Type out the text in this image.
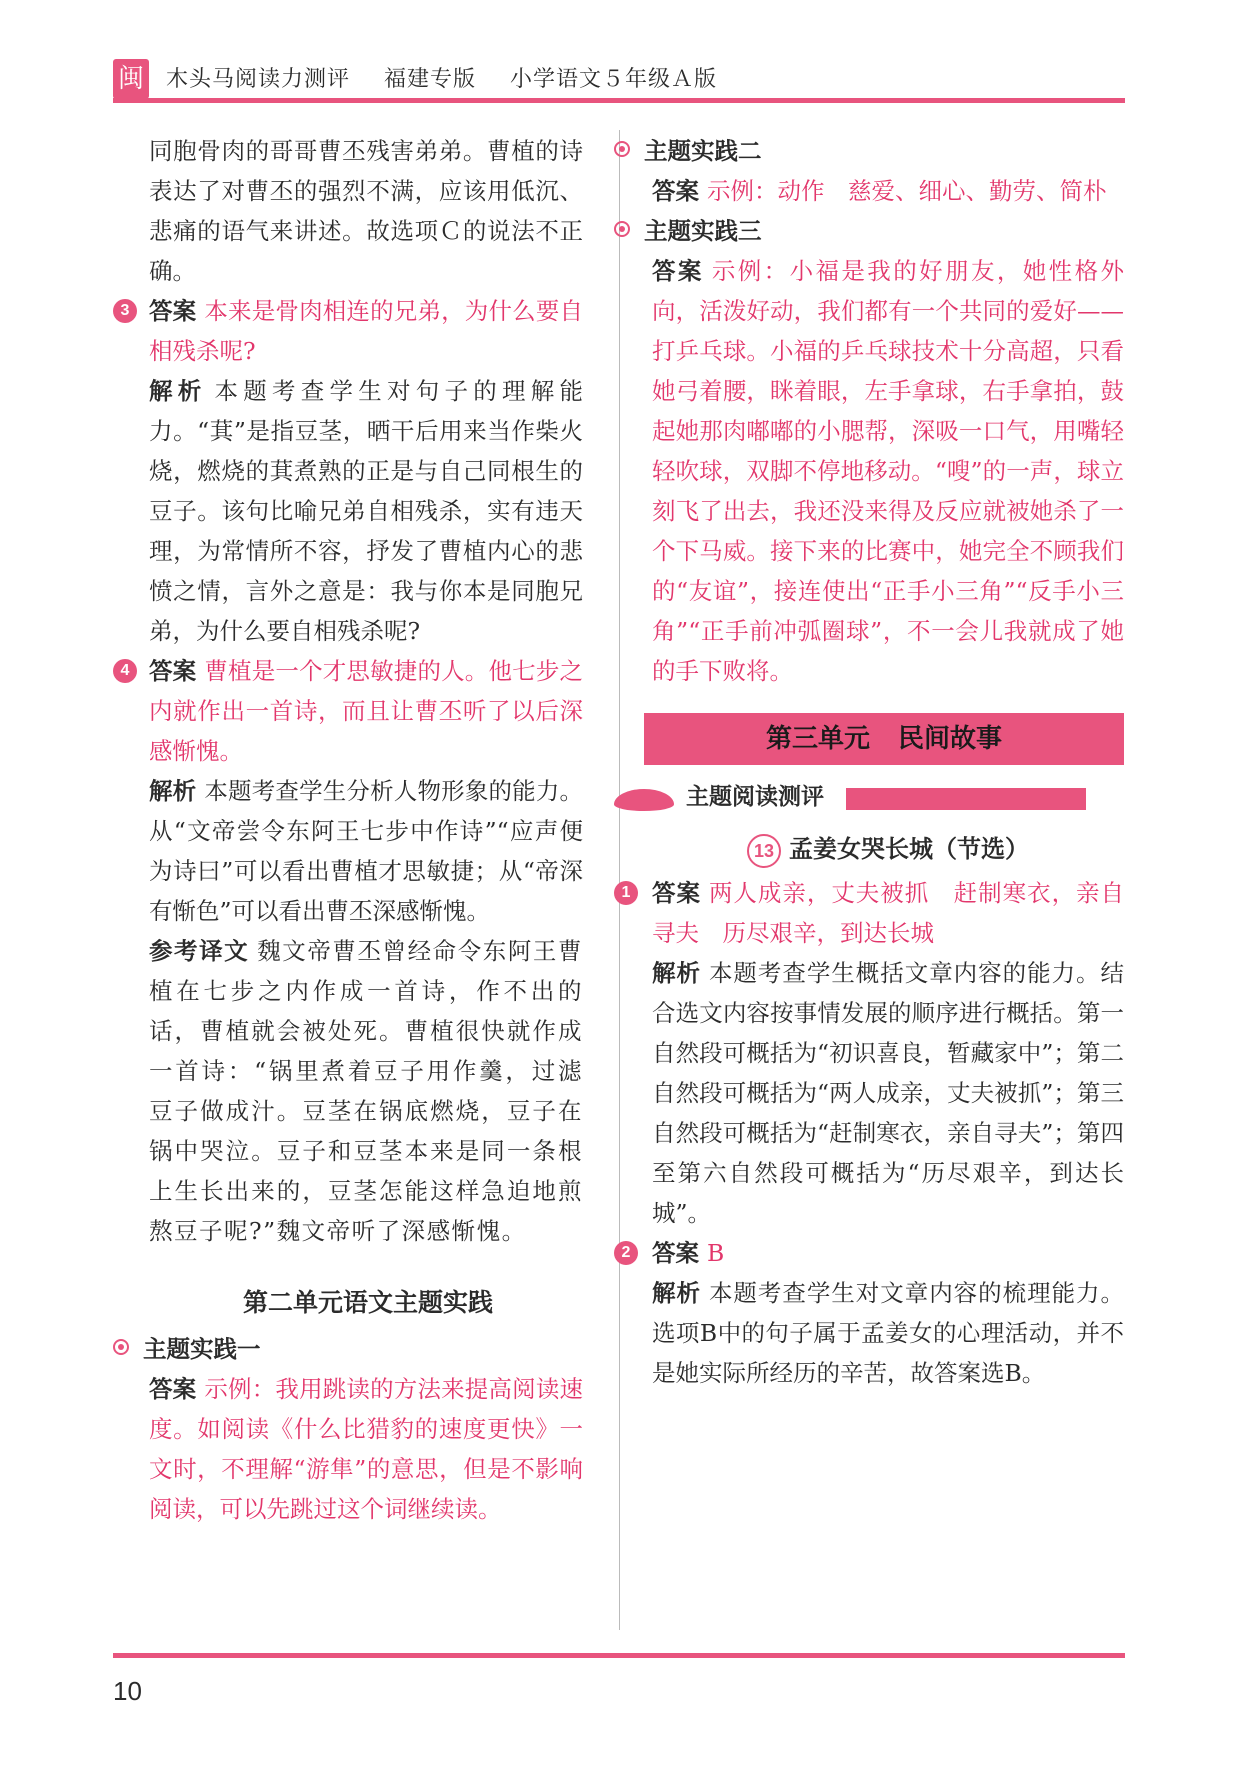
闽 木头马阅读力测评 福建专版 小学语文５年级Ａ版

同胞骨肉的哥哥曹丕残害弟弟。曹植的诗表达了对曹丕的强烈不满，应该用低沉、悲痛的语气来讲述。故选项Ｃ的说法不正确。

3 答案 本来是骨肉相连的兄弟，为什么要自相残杀呢?

解析 本题考查学生对句子的理解能力。“萁”是指豆茎，晒干后用来当作柴火烧，燃烧的萁煮熟的正是与自己同根生的豆子。该句比喻兄弟自相残杀，实有违天理，为常情所不容，抒发了曹植内心的悲愤之情，言外之意是：我与你本是同胞兄弟，为什么要自相残杀呢?

4 答案 曹植是一个才思敏捷的人。他七步之内就作出一首诗，而且让曹丕听了以后深感惭愧。

解析 本题考查学生分析人物形象的能力。从“文帝尝令东阿王七步中作诗”“应声便为诗曰”可以看出曹植才思敏捷；从“帝深有惭色”可以看出曹丕深感惭愧。

参考译文 魏文帝曹丕曾经命令东阿王曹植在七步之内作成一首诗，作不出的话，曹植就会被处死。曹植很快就作成一首诗：“锅里煮着豆子用作羹，过滤豆子做成汁。豆茎在锅底燃烧，豆子在锅中哭泣。豆子和豆茎本来是同一条根上生长出来的，豆茎怎能这样急迫地煎熬豆子呢?”魏文帝听了深感惭愧。

第二单元语文主题实践
主题实践一

答案 示例：我用跳读的方法来提高阅读速度。如阅读《什么比猎豹的速度更快》一文时，不理解“游隼”的意思，但是不影响阅读，可以先跳过这个词继续读。

主题实践二

答案 示例：动作　慈爱、细心、勤劳、简朴

主题实践三

答案 示例：小福是我的好朋友，她性格外向，活泼好动，我们都有一个共同的爱好——打乒乓球。小福的乒乓球技术十分高超，只看她弓着腰，眯着眼，左手拿球，右手拿拍，鼓起她那肉嘟嘟的小腮帮，深吸一口气，用嘴轻轻吹球，双脚不停地移动。“嗖”的一声，球立刻飞了出去，我还没来得及反应就被她杀了一个下马威。接下来的比赛中，她完全不顾我们的“友谊”，接连使出“正手小三角”“反手小三角”“正手前冲弧圈球”，不一会儿我就成了她的手下败将。

第三单元 民间故事
主题阅读测评
13 孟姜女哭长城（节选）
1 答案 两人成亲，丈夫被抓　赶制寒衣，亲自寻夫　历尽艰辛，到达长城

解析 本题考查学生概括文章内容的能力。结合选文内容按事情发展的顺序进行概括。第一自然段可概括为“初识喜良，暂藏家中”；第二自然段可概括为“两人成亲，丈夫被抓”；第三自然段可概括为“赶制寒衣，亲自寻夫”；第四至第六自然段可概括为“历尽艰辛，到达长城”。

2 答案 B

解析 本题考查学生对文章内容的梳理能力。选项B中的句子属于孟姜女的心理活动，并不是她实际所经历的辛苦，故答案选B。

10
